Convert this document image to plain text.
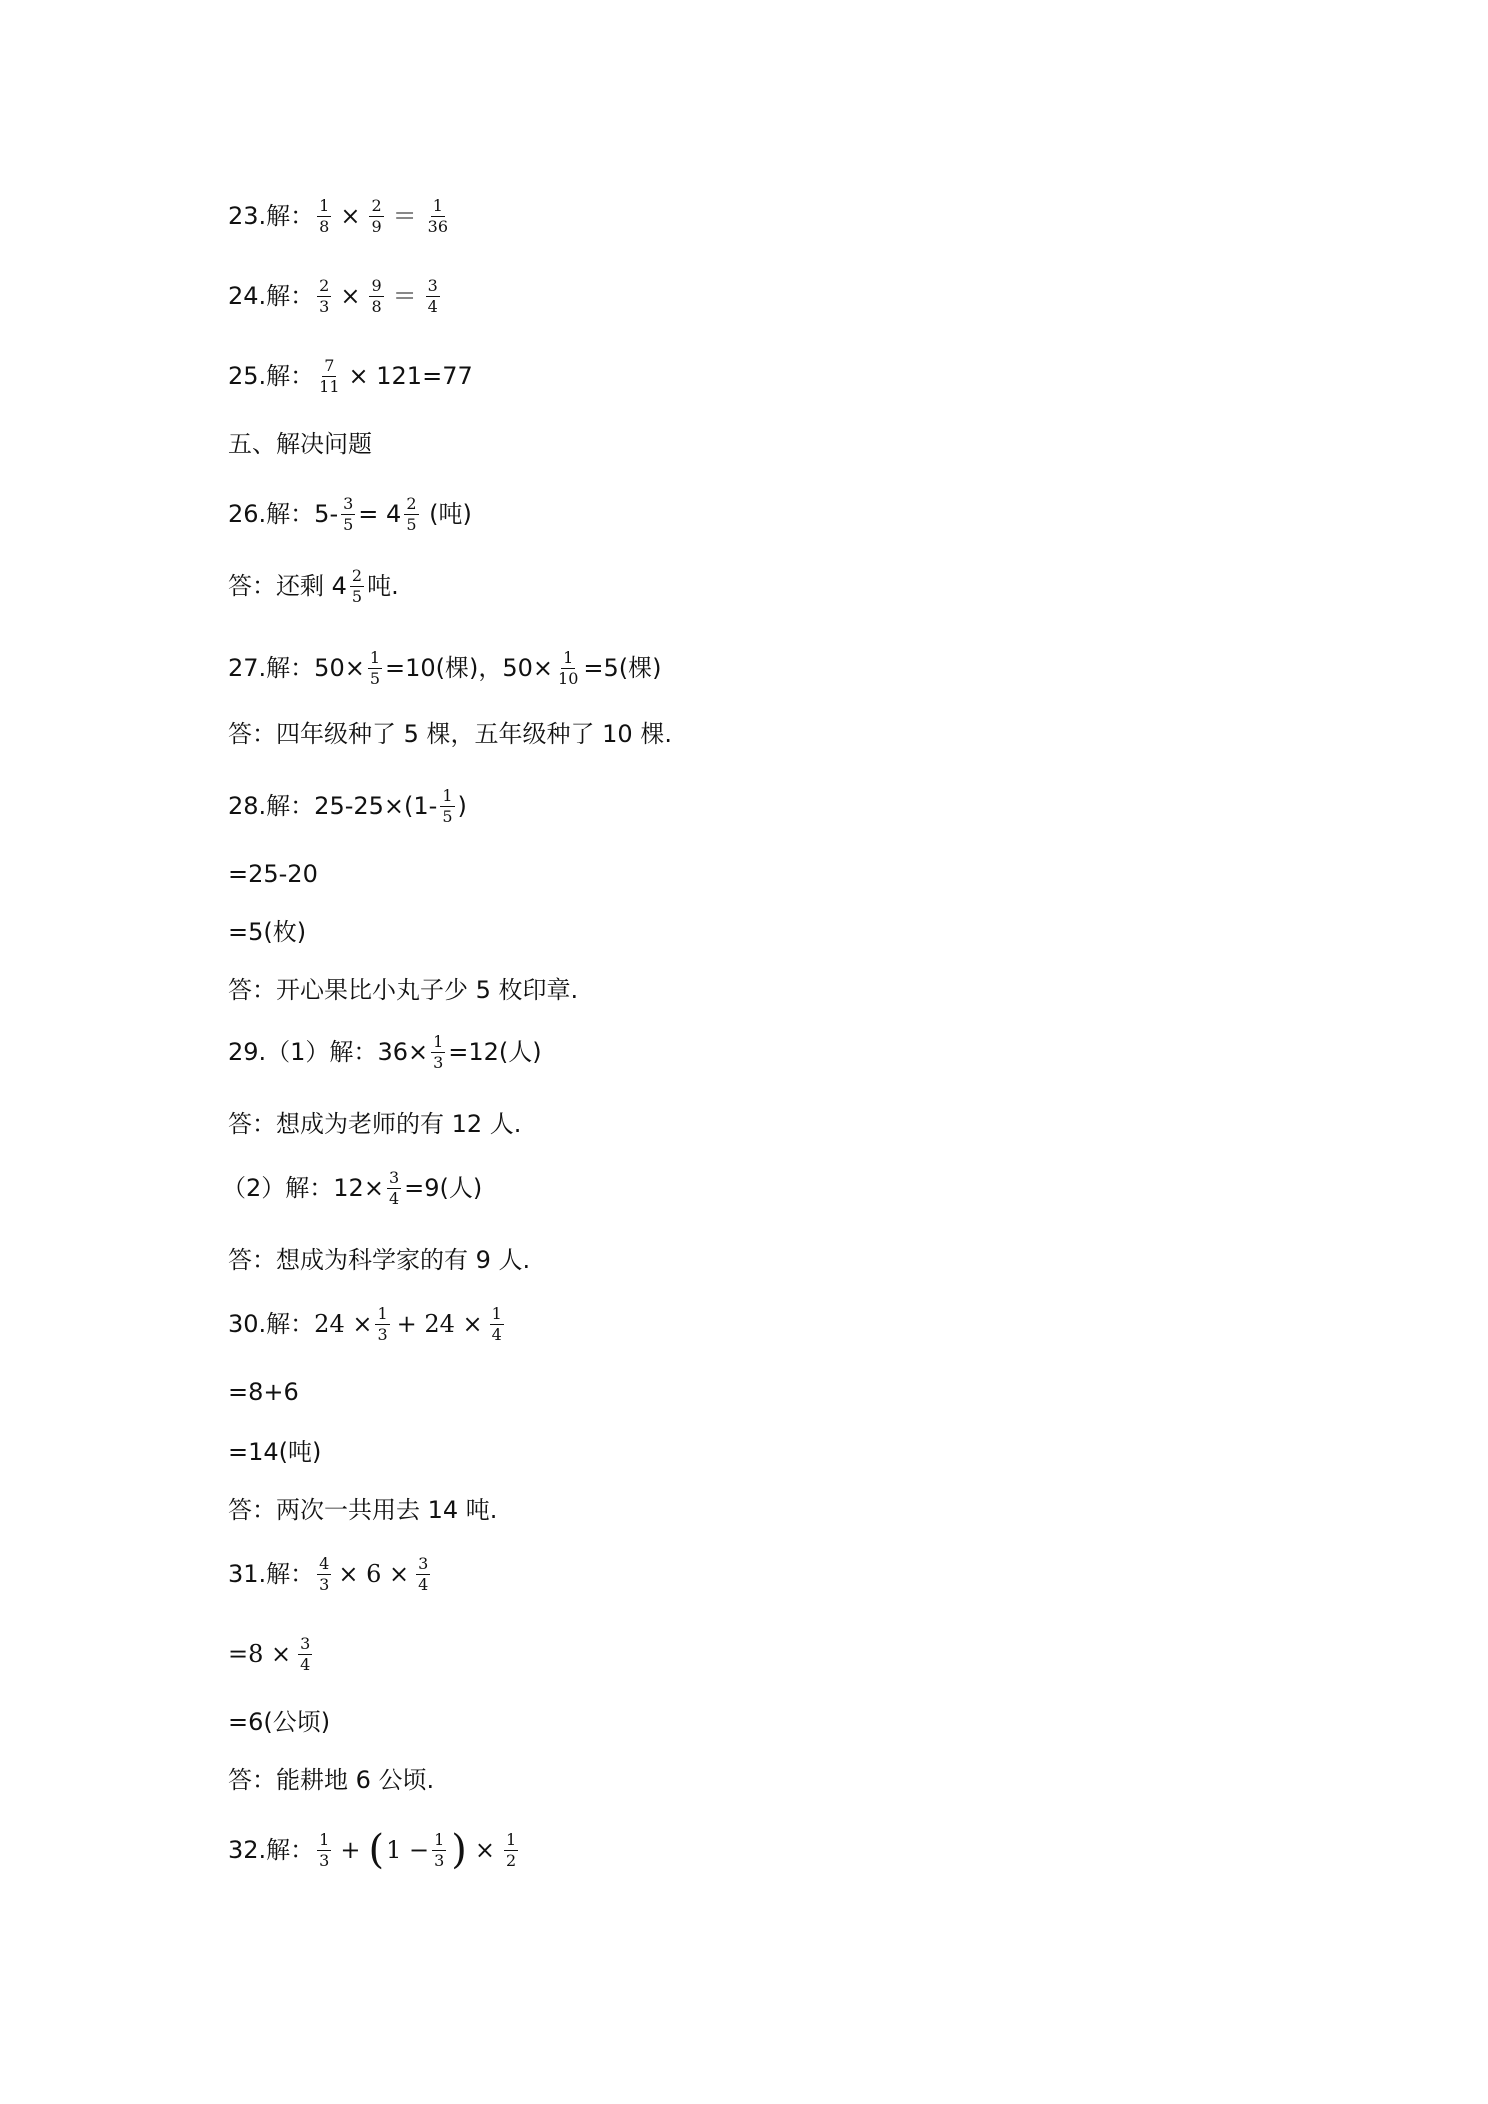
23.解： $\frac{1}{8} \times \frac{2}{9} = \frac{1}{36}$
24.解： $\frac{2}{3} \times \frac{9}{8} = \frac{3}{4}$
25.解： $\frac{7}{11} \times 121=77$
五、解决问题
26.解： $5- \frac{3}{5} = 4 \frac{2}{5}$ (吨)
答：还剩 $4 \frac{2}{5}$ 吨.
27.解： $50\times \frac{1}{5} =10$(棵)，$50\times \frac{1}{10} =5$(棵)
答：四年级种了 5 棵，五年级种了 10 棵.
28.解： $25-25\times(1- \frac{1}{5}$ )
=25-20
=5(枚)
答：开心果比小丸子少 5 枚印章.
29.（1）解： $36\times \frac{1}{3} =12$(人)
答：想成为老师的有 12 人.
（2）解： $12\times \frac{3}{4} =9$(人)
答：想成为科学家的有 9 人.
30.解： $24 \times \frac{1}{3} + 24 \times \frac{1}{4}$
=8+6
=14(吨)
答：两次一共用去 14 吨.
31.解： $\frac{4}{3} \times 6 \times \frac{3}{4}$
$=8 \times \frac{3}{4}$
=6(公顷)
答：能耕地 6 公顷.
32.解： $\frac{1}{3}$ + ( $1 - \frac{1}{3}$ ) × $\frac{1}{2}$
